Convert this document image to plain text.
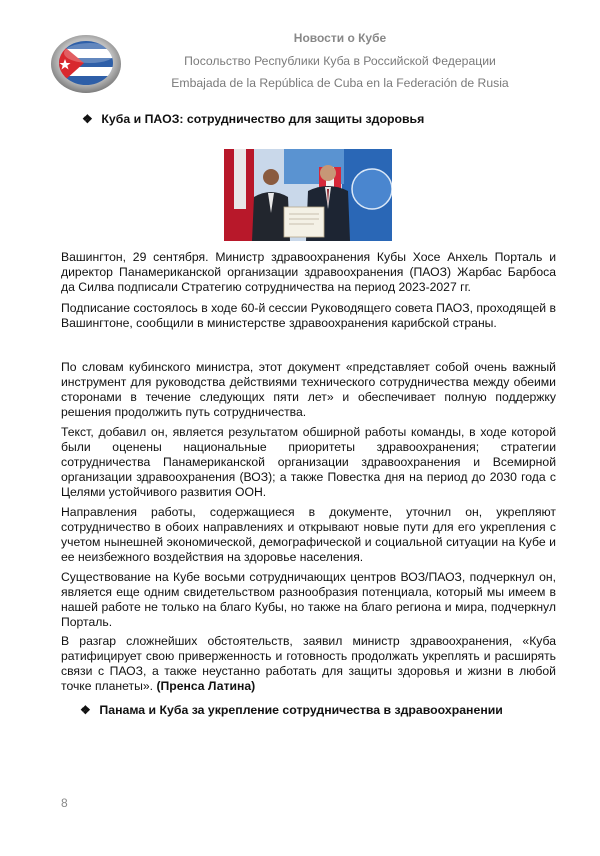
Новости о Кубе
Посольство Республики Куба в Российской Федерации
Embajada de la República de Cuba en la Federación de Rusia
❖ Куба и ПАОЗ: сотрудничество для защиты здоровья

Вашингтон, 29 сентября. Министр здравоохранения Кубы Хосе Анхель Порталь и директор Панамериканской организации здравоохранения (ПАОЗ) Жарбас Барбоса да Силва подписали Стратегию сотрудничества на период 2023-2027 гг.

Подписание состоялось в ходе 60-й сессии Руководящего совета ПАОЗ, проходящей в Вашингтоне, сообщили в министерстве здравоохранения карибской страны.

По словам кубинского министра, этот документ «представляет собой очень важный инструмент для руководства действиями технического сотрудничества между обеими сторонами в течение следующих пяти лет» и обеспечивает полную поддержку решения продолжить путь сотрудничества.

Текст, добавил он, является результатом обширной работы команды, в ходе которой были оценены национальные приоритеты здравоохранения; стратегии сотрудничества Панамериканской организации здравоохранения и Всемирной организации здравоохранения (ВОЗ); а также Повестка дня на период до 2030 года с Целями устойчивого развития ООН.

Направления работы, содержащиеся в документе, уточнил он, укрепляют сотрудничество в обоих направлениях и открывают новые пути для его укрепления с учетом нынешней экономической, демографической и социальной ситуации на Кубе и ее неизбежного воздействия на здоровье населения.

Существование на Кубе восьми сотрудничающих центров ВОЗ/ПАОЗ, подчеркнул он, является еще одним свидетельством разнообразия потенциала, который мы имеем в нашей работе не только на благо Кубы, но также на благо региона и мира, подчеркнул Порталь.

В разгар сложнейших обстоятельств, заявил министр здравоохранения, «Куба ратифицирует свою приверженность и готовность продолжать укреплять и расширять связи с ПАОЗ, а также неустанно работать для защиты здоровья и жизни в любой точке планеты». (Пренса Латина)

❖ Панама и Куба за укрепление сотрудничества в здравоохранении
8
